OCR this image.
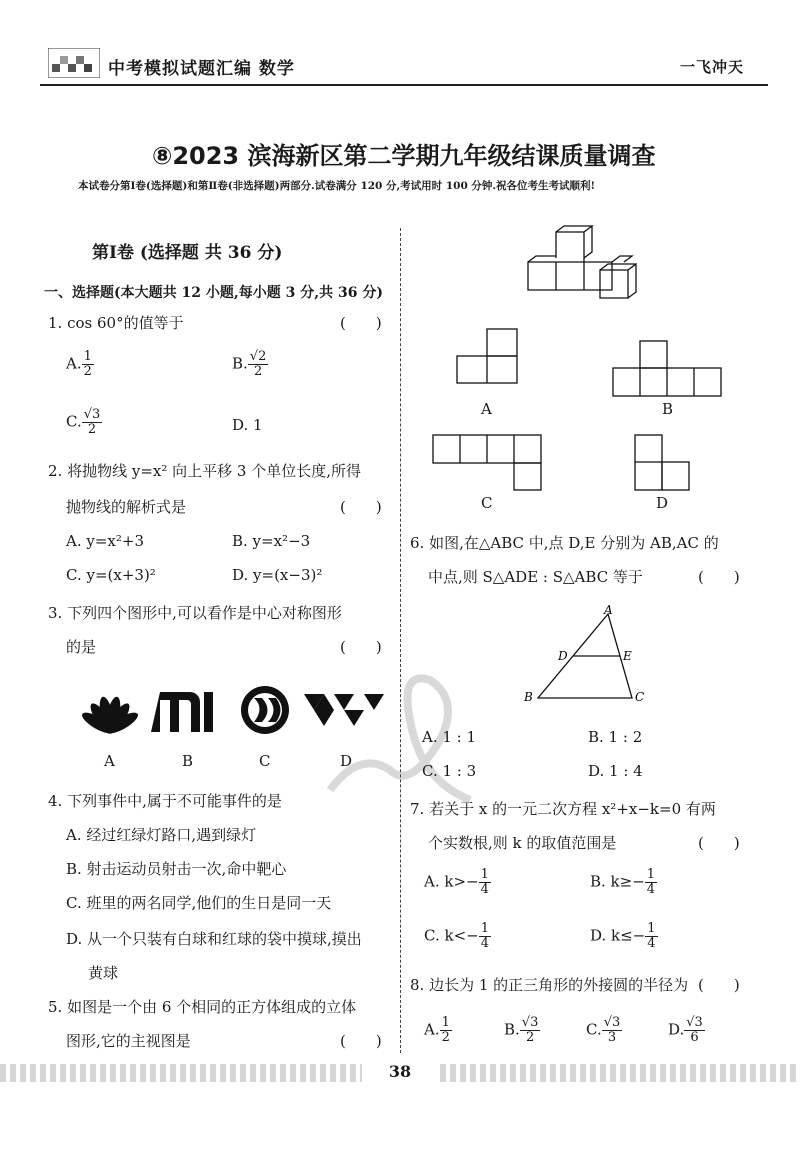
中考模拟试题汇编 数学	一飞冲天
⑧2023 滨海新区第二学期九年级结课质量调查
本试卷分第Ⅰ卷(选择题)和第Ⅱ卷(非选择题)两部分.试卷满分 120 分,考试用时 100 分钟.祝各位考生考试顺利!
第Ⅰ卷 (选择题 共 36 分)
一、选择题(本大题共 12 小题,每小题 3 分,共 36 分)
1. cos 60°的值等于	(　　)
A. $\frac{1}{2}$	B. $\frac{√2}{2}$
C. $\frac{√3}{2}$	D. 1
2. 将抛物线 y=x² 向上平移 3 个单位长度,所得
抛物线的解析式是	(　　)
A. y=x²+3	B. y=x²−3
C. y=(x+3)²	D. y=(x−3)²
3. 下列四个图形中,可以看作是中心对称图形
的是	(　　)
A	B	C	D
4. 下列事件中,属于不可能事件的是
A. 经过红绿灯路口,遇到绿灯
B. 射击运动员射击一次,命中靶心
C. 班里的两名同学,他们的生日是同一天
D. 从一个只装有白球和红球的袋中摸球,摸出
黄球
5. 如图是一个由 6 个相同的正方体组成的立体
图形,它的主视图是	(　　)
A	B
C	D
6. 如图,在△ABC 中,点 D,E 分别为 AB,AC 的
中点,则 S△ADE : S△ABC 等于	(　　)
A
B	C
D	E
A. 1 : 1	B. 1 : 2
C. 1 : 3	D. 1 : 4
7. 若关于 x 的一元二次方程 x²+x−k=0 有两
个实数根,则 k 的取值范围是	(　　)
A. $k>- \frac{1}{4}$	B. $k\ge- \frac{1}{4}$
C. $k<- \frac{1}{4}$	D. $k\le- \frac{1}{4}$
8. 边长为 1 的正三角形的外接圆的半径为 (　　)
A. $\frac{1}{2}$	B. $\frac{√3}{2}$	C. $\frac{√3}{3}$	D. $\frac{√3}{6}$
38
